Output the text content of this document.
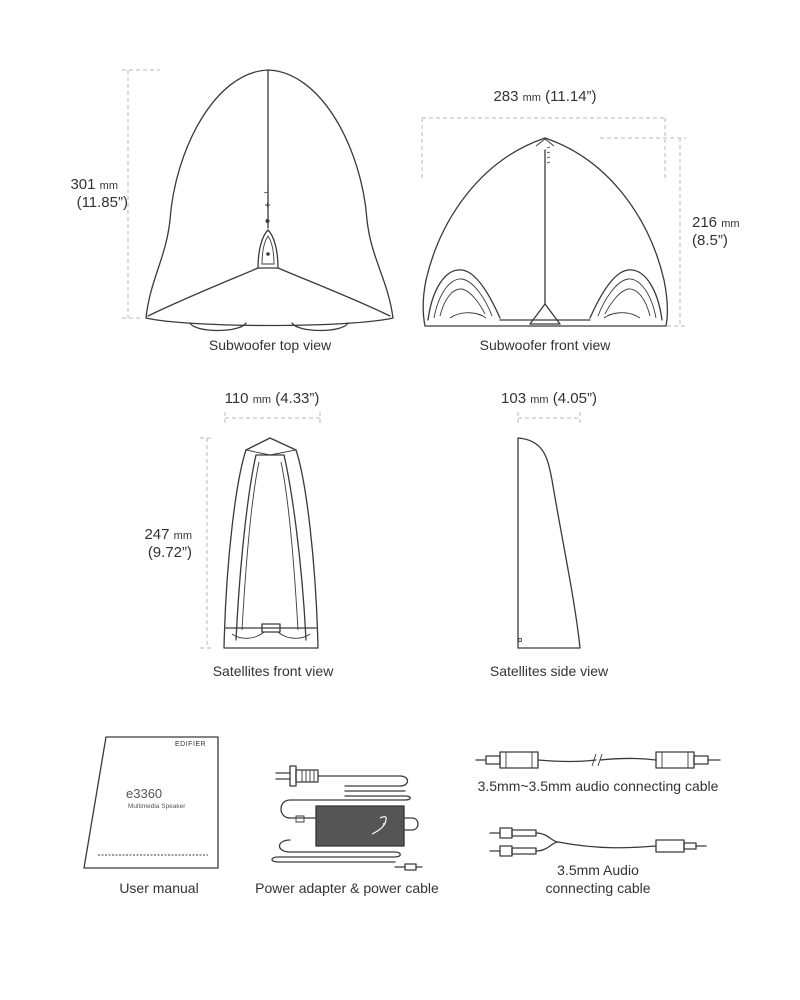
301 mm
(11.85”)
Subwoofer top view
283 mm (11.14”)
216 mm
(8.5”)
Subwoofer front view
110 mm (4.33”)
247 mm
(9.72”)
Satellites front view
103 mm (4.05”)
Satellites side view
EDIFIER
e3360
Multimedia Speaker
User manual	Power adapter & power cable
3.5mm~3.5mm audio connecting cable
3.5mm Audio
connecting cable
